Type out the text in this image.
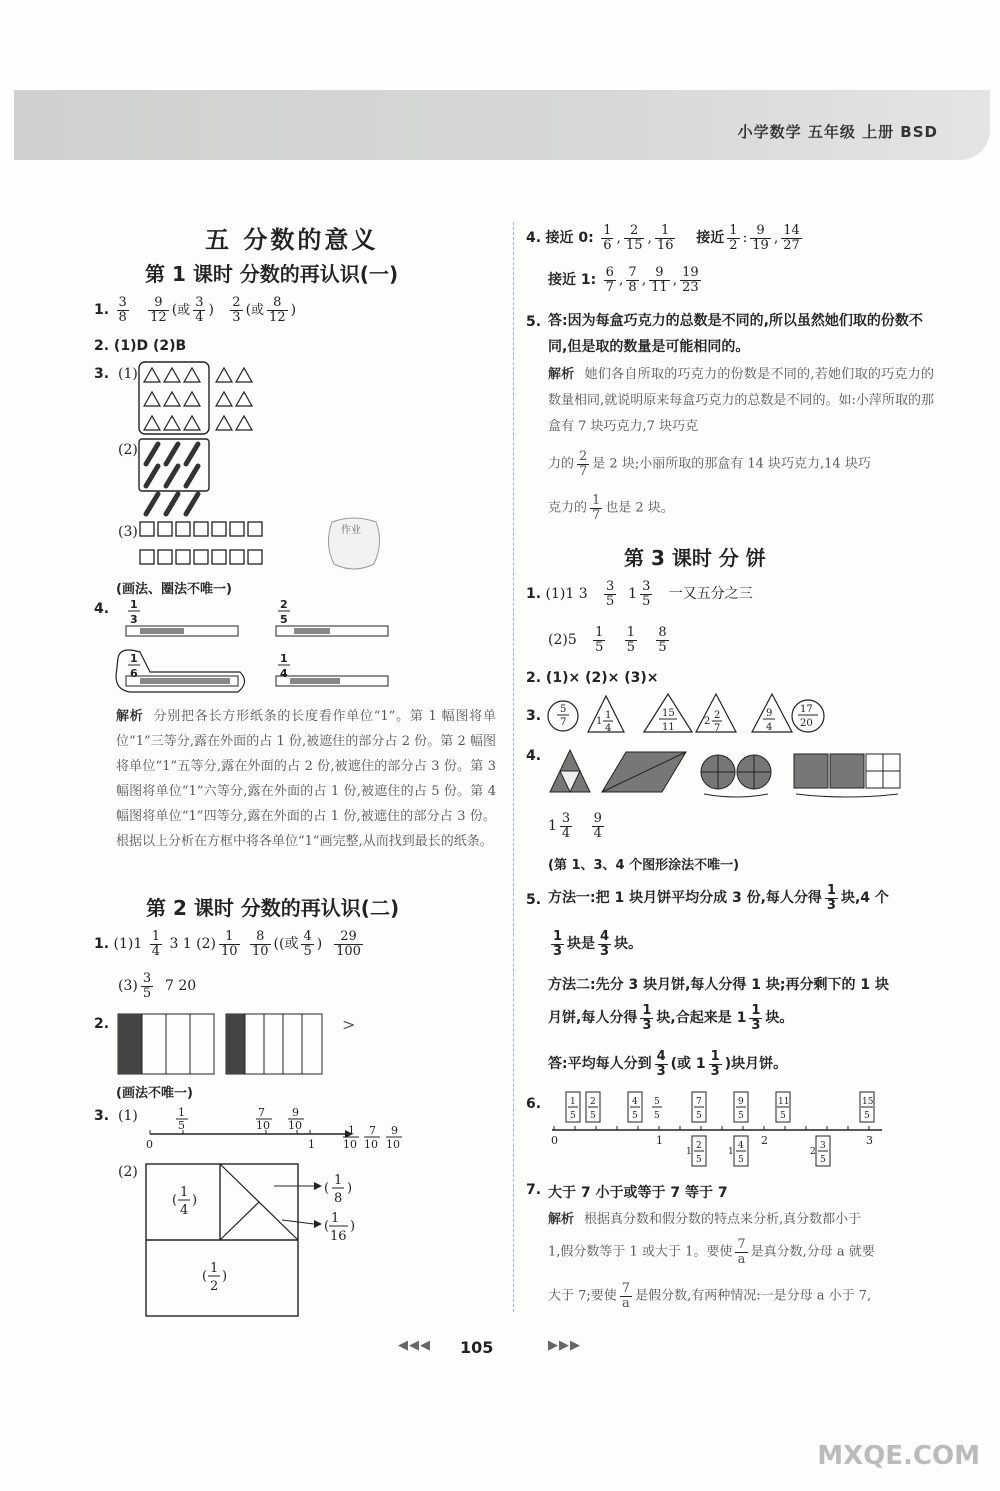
小学数学 五年级 上册 BSD
五 分数的意义
第 1 课时 分数的再认识(一)
1. $\frac{3}{8}$
$\frac{9}{12}$ (或 $\frac{3}{4}$ ) $\frac{2}{3}$ (或 $\frac{8}{12}$ )
2. (1)D (2)B
3. (1)
(2)
(3)
(画法、圈法不唯一)
作业
4. 1
3
2
5
1
6
1
4
解析 分别把各长方形纸条的长度看作单位“1”。第 1 幅图将单位“1”三等分,露在外面的占 1 份,被遮住的部分占 2 份。第 2 幅图将单位“1”五等分,露在外面的占 2 份,被遮住的部分占 3 份。第 3 幅图将单位“1”六等分,露在外面的占 1 份,被遮住的占 5 份。第 4 幅图将单位“1”四等分,露在外面的占 1 份,被遮住的部分占 3 份。根据以上分析在方框中将各单位“1”画完整,从而找到最长的纸条。
第 2 课时 分数的再认识(二)
1. $(1)1 \frac{1}{4} 3$ 1 $(2) \frac{1}{10}$
$\frac{8}{10}$ ((或 $\frac{4}{5}$ ) $\frac{29}{100}$
$(3) \frac{3}{5} 7$ 20
2.	>
(画法不唯一)
3. (1)	1
5
7
10
9
10
0	1
1
10
7
10
9
10
(2)
(
1
4
)
(
1
2
)
(
1
8
)
(
1
16
)
4. 接近 0: $\frac{1}{6}$ , $\frac{2}{15}$ , $\frac{1}{16}$ 接近 $\frac{1}{2}$ : $\frac{9}{19}$ , $\frac{14}{27}$
接近 1: $\frac{6}{7}$ , $\frac{7}{8}$ , $\frac{9}{11}$ , $\frac{19}{23}$
5. 答:因为每盒巧克力的总数是不同的,所以虽然她们取的份数不同,但是取的数量是可能相同的。
解析 她们各自所取的巧克力的份数是不同的,若她们取的巧克力的数量相同,就说明原来每盒巧克力的总数是不同的。如:小萍所取的那盒有 7 块巧克力,7 块巧克
力的 $\frac{2}{7}$ 是 2 块;小丽所取的那盒有 14 块巧克力,14 块巧
克力的 $\frac{1}{7}$ 也是 2 块。
第 3 课时 分 饼
1. (1)1 $3 \frac{3}{5} 1 \frac{3}{5}$ 一又五分之三
$(2)5 \frac{1}{5}$
$\frac{1}{5}$
$\frac{8}{5}$
2. (1)× (2)× (3)×
3. 5
7	1
1
4
15
11
2
2
7
9
4
17
20
4.
$1 \frac{3}{4}$
$\frac{9}{4}$
(第 1、3、4 个图形涂法不唯一)
5. 方法一:把 1 块月饼平均分成 3 份,每人分得 $\frac{1}{3}$ 块,4 个
$\frac{1}{3}$ 块是 $\frac{4}{3}$ 块。
方法二:先分 3 块月饼,每人分得 1 块;再分剩下的 1 块
月饼,每人分得 $\frac{1}{3}$ 块,合起来是 $1 \frac{1}{3}$ 块。
答:平均每人分到 $\frac{4}{3}$ (或 $1 \frac{1}{3}$ )块月饼。
6.
0	1	2	3
1
5
2
5
4
5
5
5
7
5
9
5
11
5
15
5
1
2
5
1
4
5
2
3
5
7. 大于 7 小于或等于 7 等于 7
解析 根据真分数和假分数的特点来分析,真分数都小于
1,假分数等于 1 或大于 1。要使 $\frac{7}{a}$ 是真分数,分母 a 就要
大于 7;要使 $\frac{7}{a}$ 是假分数,有两种情况:一是分母 a 小于 7,
◀◀◀ 105	▶▶▶
MXQE.COM
